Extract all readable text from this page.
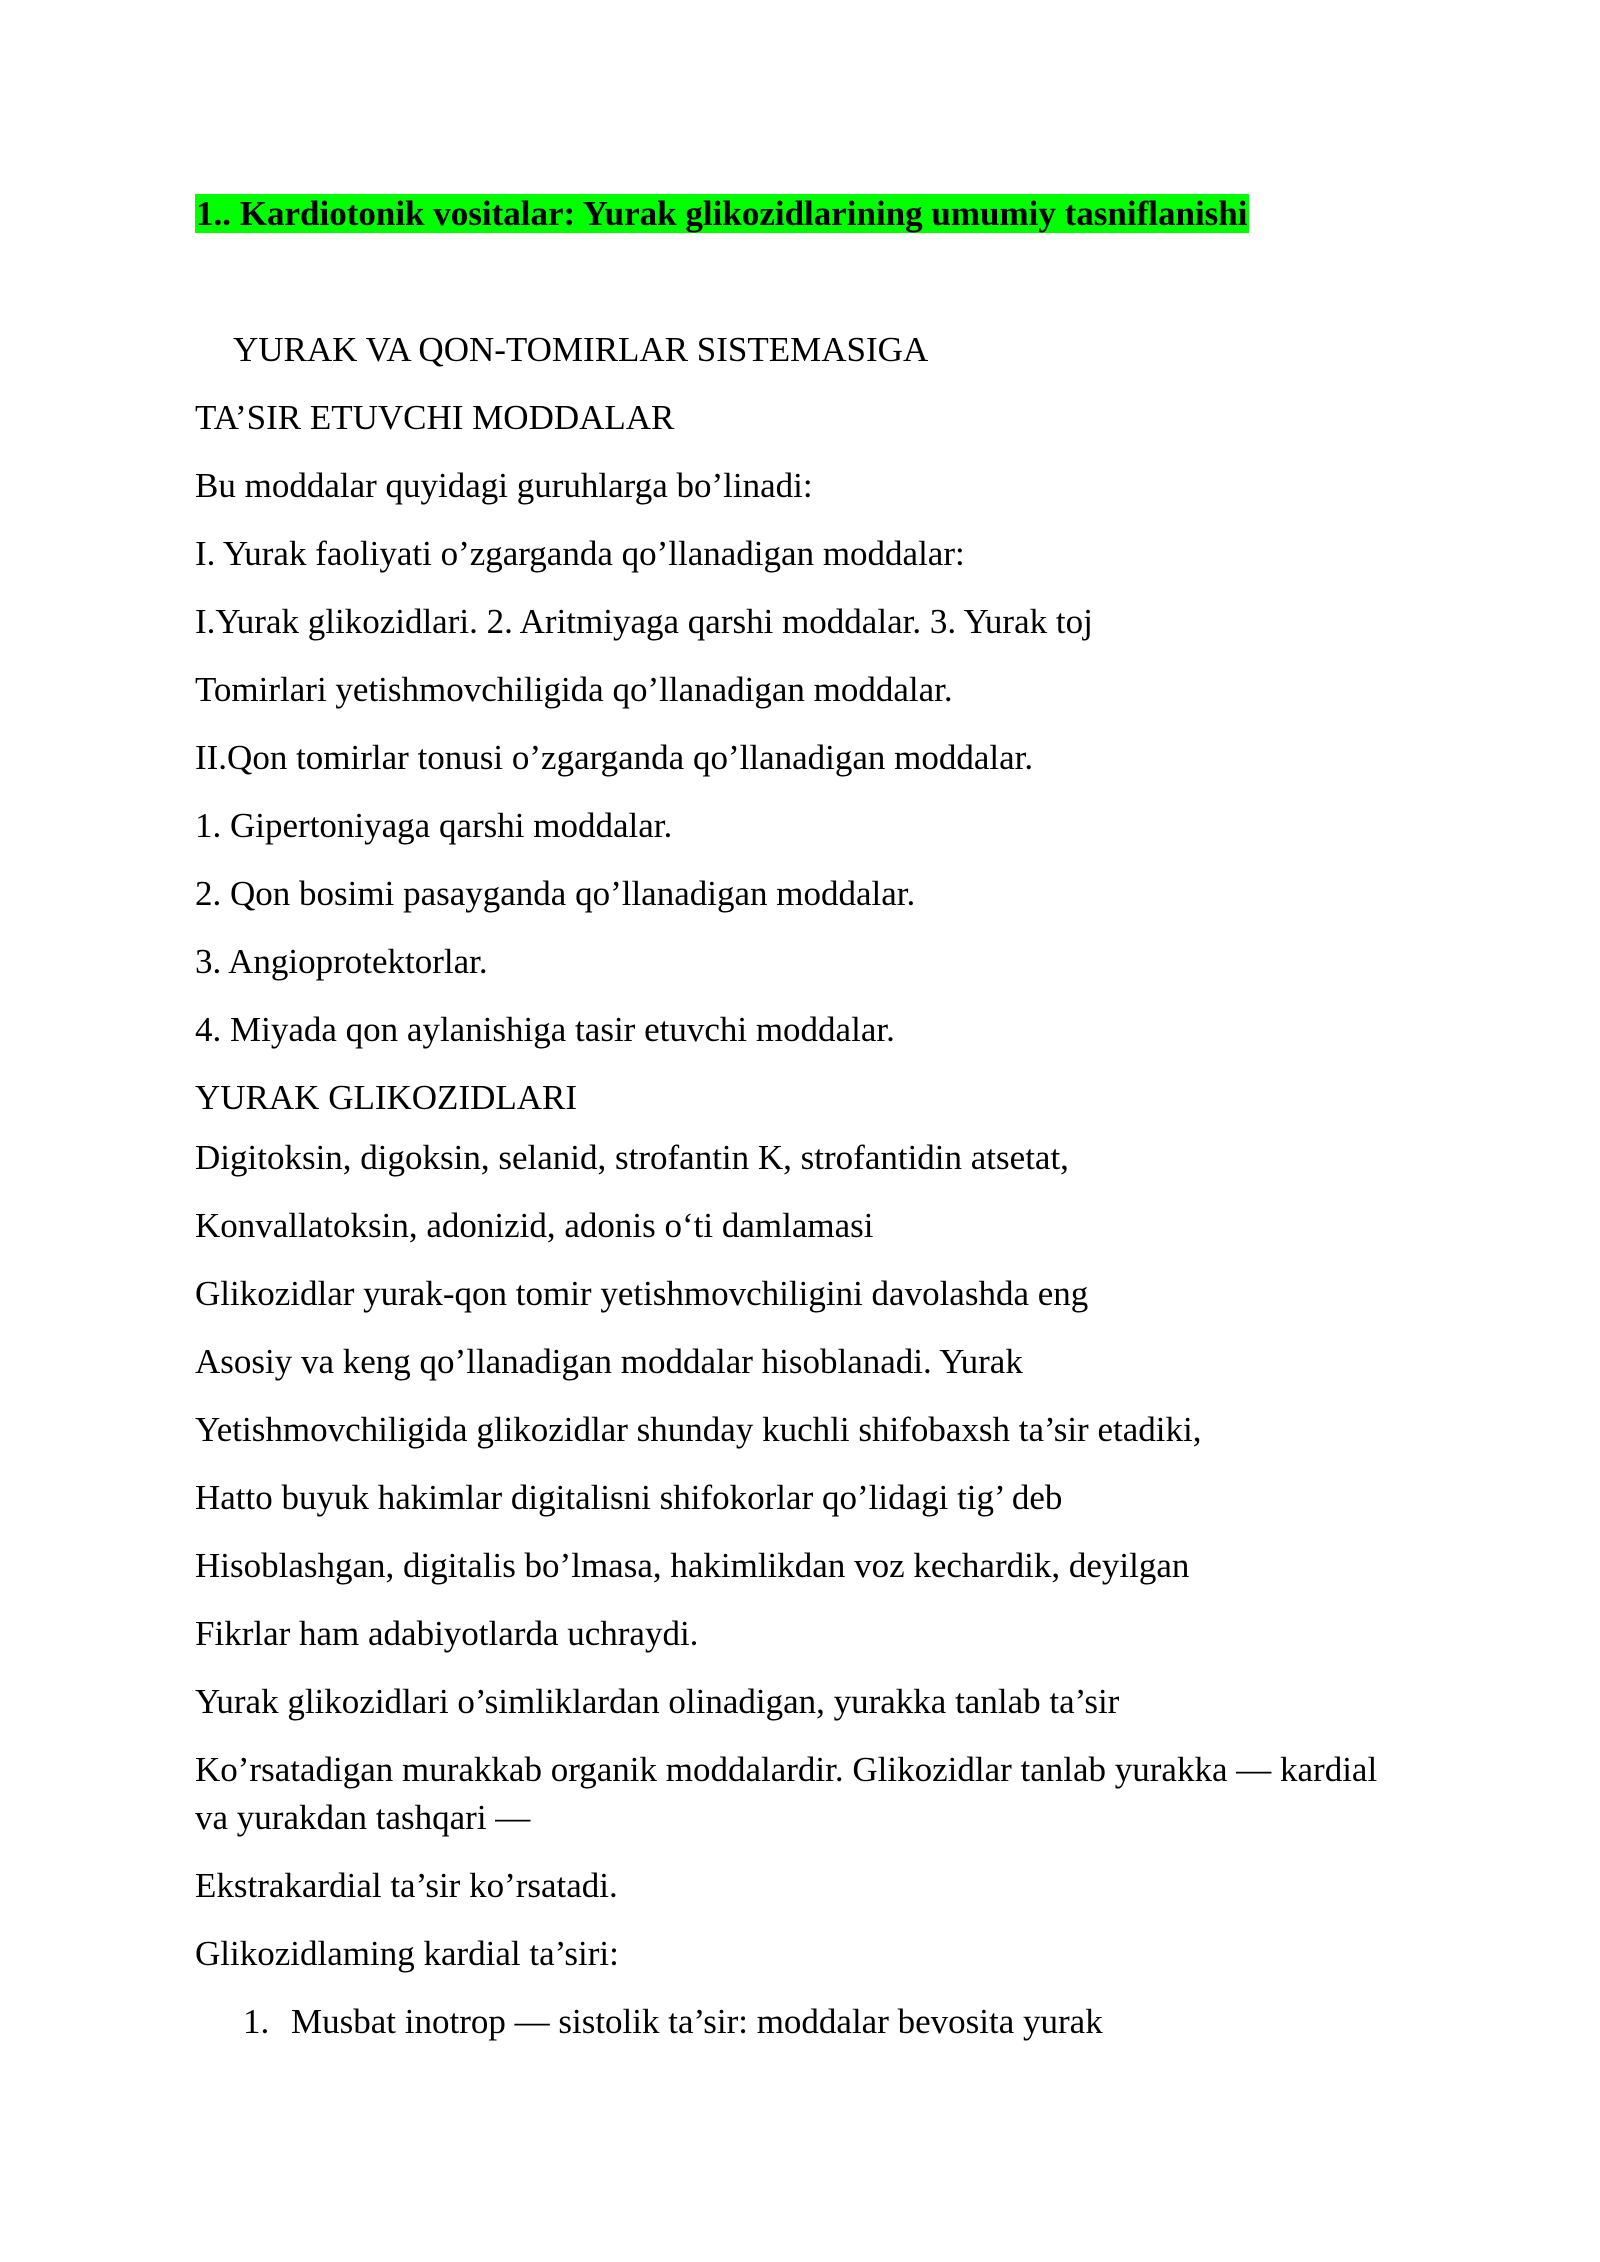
1.. Kardiotonik vositalar: Yurak glikozidlarining umumiy tasniflanishi

YURAK VA QON-TOMIRLAR SISTEMASIGA

TA’SIR ETUVCHI MODDALAR

Bu moddalar quyidagi guruhlarga bo’linadi:

I. Yurak faoliyati o’zgarganda qo’llanadigan moddalar:

I.Yurak glikozidlari. 2. Aritmiyaga qarshi moddalar. 3. Yurak toj

Tomirlari yetishmovchiligida qo’llanadigan moddalar.

II.Qon tomirlar tonusi o’zgarganda qo’llanadigan moddalar.

1. Gipertoniyaga qarshi moddalar.

2. Qon bosimi pasayganda qo’llanadigan moddalar.

3. Angioprotektorlar.

4. Miyada qon aylanishiga tasir etuvchi moddalar.

YURAK GLIKOZIDLARI

Digitoksin, digoksin, selanid, strofantin K, strofantidin atsetat,

Konvallatoksin, adonizid, adonis o‘ti damlamasi

Glikozidlar yurak-qon tomir yetishmovchiligini davolashda eng

Asosiy va keng qo’llanadigan moddalar hisoblanadi. Yurak

Yetishmovchiligida glikozidlar shunday kuchli shifobaxsh ta’sir etadiki,

Hatto buyuk hakimlar digitalisni shifokorlar qo’lidagi tig’ deb

Hisoblashgan, digitalis bo’lmasa, hakimlikdan voz kechardik, deyilgan

Fikrlar ham adabiyotlarda uchraydi.

Yurak glikozidlari o’simliklardan olinadigan, yurakka tanlab ta’sir

Ko’rsatadigan murakkab organik moddalardir. Glikozidlar tanlab yurakka — kardial va yurakdan tashqari —

Ekstrakardial ta’sir ko’rsatadi.

Glikozidlaming kardial ta’siri:

1. Musbat inotrop — sistolik ta’sir: moddalar bevosita yurak
